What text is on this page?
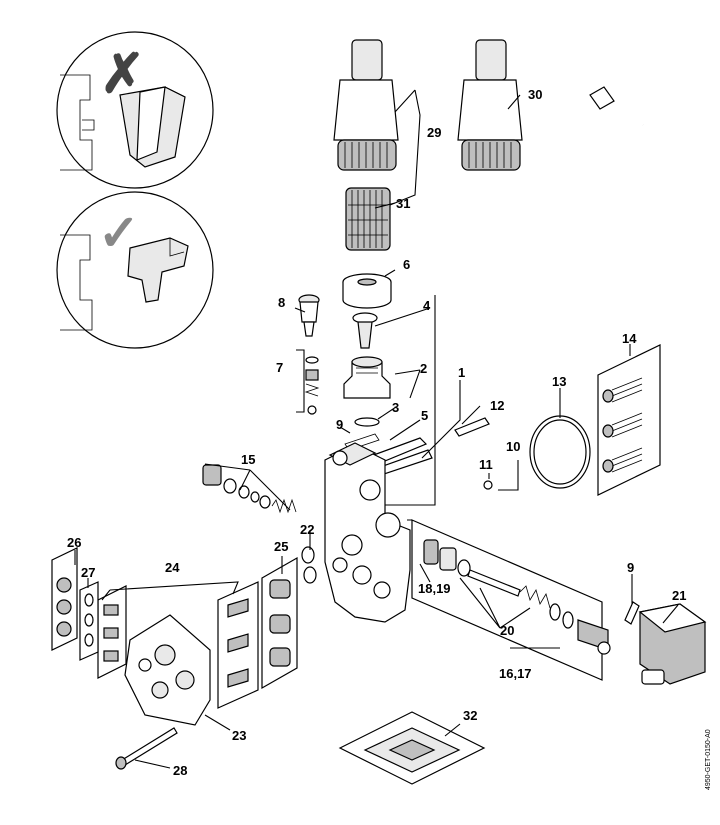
✗
✓
1
2
3
4
5
6
7
8
9
9
10
11
12
13
14
15
16,17
18,19
20
21
22
23
24
25
26
27
28
29
30
31
32
4950-GET-0150-A0
